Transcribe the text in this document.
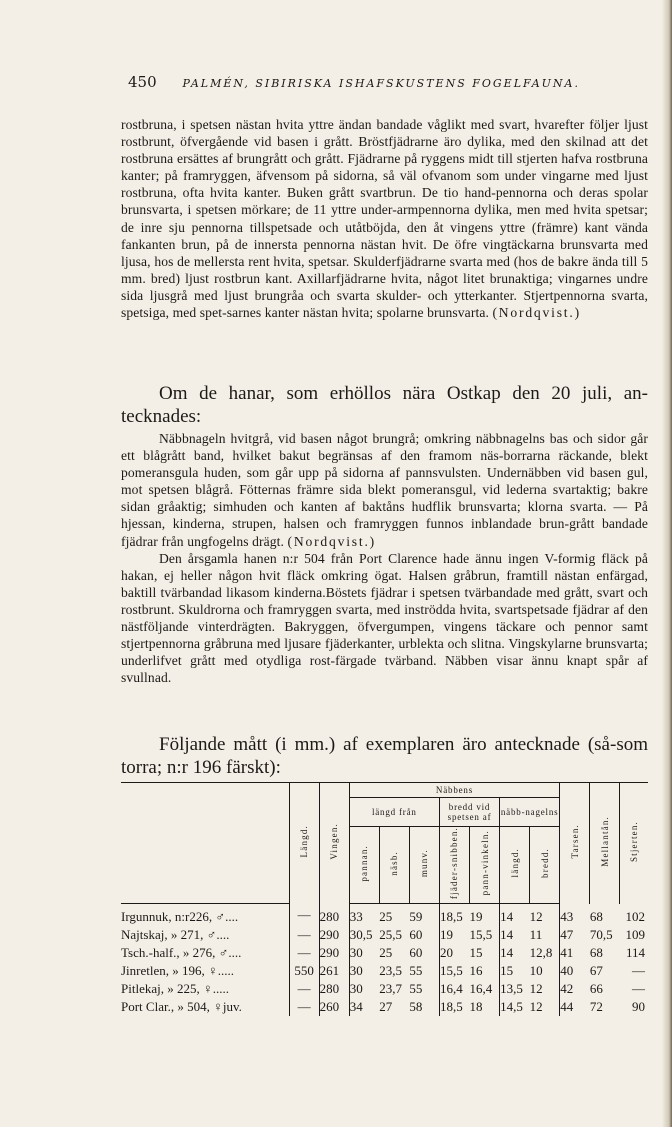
450 PALMÉN, SIBIRISKA ISHAFSKUSTENS FOGELFAUNA.

rostbruna, i spetsen nästan hvita yttre ändan bandade våglikt med svart, hvarefter följer ljust rostbrunt, öfvergående vid basen i grått. Bröstfjädrarne äro dylika, med den skilnad att det rostbruna ersättes af brungrått och grått. Fjädrarne på ryggens midt till stjerten hafva rostbruna kanter; på framryggen, äfvensom på sidorna, så väl ofvanom som under vingarne med ljust rostbruna, ofta hvita kanter. Buken grått svartbrun. De tio hand-pennorna och deras spolar brunsvarta, i spetsen mörkare; de 11 yttre under-armpennorna dylika, men med hvita spetsar; de inre sju pennorna tillspetsade och utåtböjda, den åt vingens yttre (främre) kant vända fankanten brun, på de innersta pennorna nästan hvit. De öfre vingtäckarna brunsvarta med ljusa, hos de mellersta rent hvita, spetsar. Skulderfjädrarne svarta med (hos de bakre ända till 5 mm. bred) ljust rostbrun kant. Axillarfjädrarne hvita, något litet brunaktiga; vingarnes undre sida ljusgrå med ljust brungråa och svarta skulder- och ytterkanter. Stjertpennorna svarta, spetsiga, med spet-sarnes kanter nästan hvita; spolarne brunsvarta. (Nordqvist.)

Om de hanar, som erhöllos nära Ostkap den 20 juli, an-tecknades:

Näbbnageln hvitgrå, vid basen något brungrå; omkring näbbnagelns bas och sidor går ett blågrått band, hvilket bakut begränsas af den framom näs-borrarna räckande, blekt pomeransgula huden, som går upp på sidorna af pannsvulsten. Undernäbben vid basen gul, mot spetsen blågrå. Fötternas främre sida blekt pomeransgul, vid lederna svartaktig; bakre sidan gråaktig; simhuden och kanten af baktåns hudflik brunsvarta; klorna svarta. — På hjessan, kinderna, strupen, halsen och framryggen funnos inblandade brun-grått bandade fjädrar från ungfogelns drägt. (Nordqvist.)

Den årsgamla hanen n:r 504 från Port Clarence hade ännu ingen V-formig fläck på hakan, ej heller någon hvit fläck omkring ögat. Halsen gråbrun, framtill nästan enfärgad, baktill tvärbandad likasom kinderna.Böstets fjädrar i spetsen tvärbandade med grått, svart och rostbrunt. Skuldrorna och framryggen svarta, med inströdda hvita, svartspetsade fjädrar af den nästföljande vinterdrägten. Bakryggen, öfvergumpen, vingens täckare och pennor samt stjertpennorna gråbruna med ljusare fjäderkanter, urblekta och slitna. Vingskylarne brunsvarta; underlifvet grått med otydliga rost-färgade tvärband. Näbben visar ännu knapt spår af svullnad.

Följande mått (i mm.) af exemplaren äro antecknade (så-som torra; n:r 196 färskt):

	Längd.	Vingen.	Näbbens							Tarsen.	Mellantån.	Stjerten.
			längd från			bredd vid spetsen af		näbb-nagelns				
			pannan.	näsb.	munv.	fjäder-snibben.	pann-vinkeln.	längd.	bredd.			
Irgunnuk, n:r226, ♂....	—	280	33	25	59	18,5	19	14	12	43	68	102
Najtskaj, » 271, ♂....	—	290	30,5	25,5	60	19	15,5	14	11	47	70,5	109
Tsch.-half., » 276, ♂....	—	290	30	25	60	20	15	14	12,8	41	68	114
Jinretlen, » 196, ♀.....	550	261	30	23,5	55	15,5	16	15	10	40	67	—
Pitlekaj, » 225, ♀.....	—	280	30	23,7	55	16,4	16,4	13,5	12	42	66	—
Port Clar., » 504, ♀juv.	—	260	34	27	58	18,5	18	14,5	12	44	72	90
